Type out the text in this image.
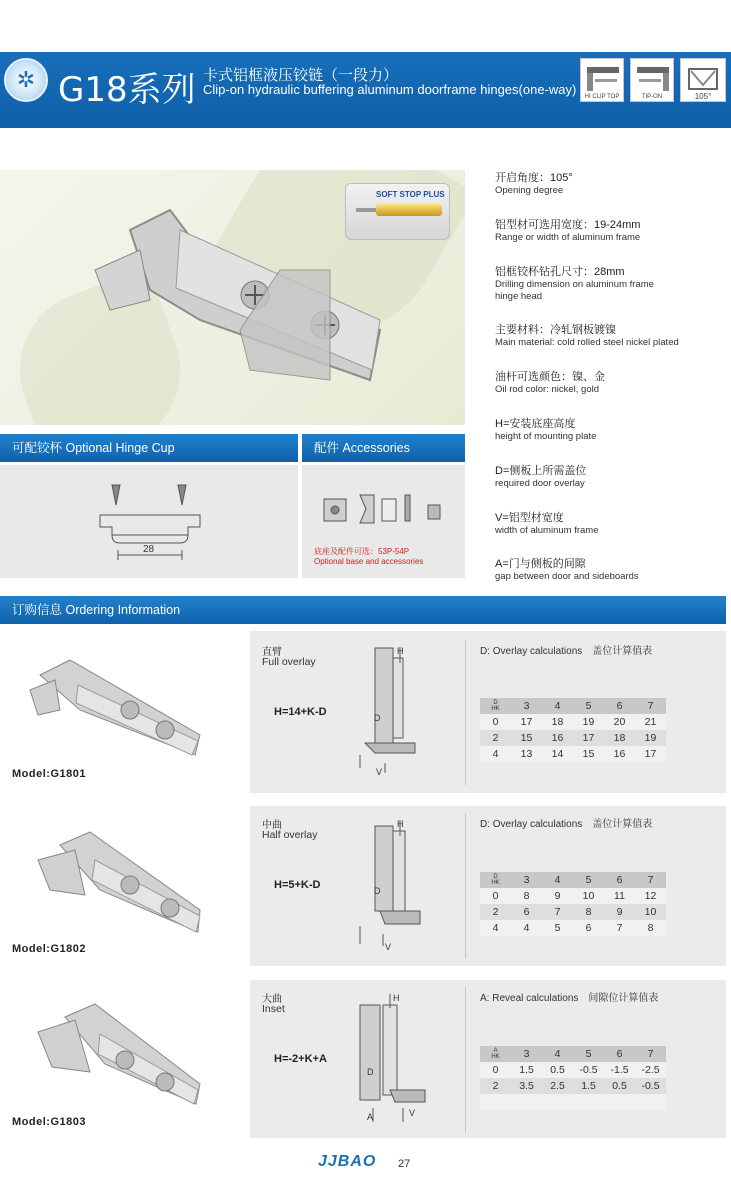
✲ G18系列 卡式铝框液压铰链（一段力）
Clip-on hydraulic buffering aluminum doorframe hinges(one-way)	HI CLIP TOP	TIP-ON	105°
SOFT STOP PLUS
开启角度：105°
Opening degree
铝型材可选用宽度：19-24mm
Range or width of aluminum frame
铝框铰杯钻孔尺寸：28mm
Drilling dimension on aluminum frame hinge head
主要材料：冷轧钢板镀镍
Main material: cold rolled steel nickel plated
油杆可选颜色：镍、金
Oil rod color: nickel, gold
H=安装底座高度
height of mounting plate
D=侧板上所需盖位
required door overlay
V=铝型材宽度
width of aluminum frame
A=门与侧板的间隙
gap between door and sideboards
可配铰杯 Optional Hinge Cup	配件 Accessories
28	底座及配件可选：53P-54P
Optional base and accessories
订购信息 Ordering Information
Model:G1801
直臂
Full overlay
H=14+K-D
H
D
V
D: Overlay calculations　盖位计算值表
D
HK	3	4	5	6	7
0	17	18	19	20	21
2	15	16	17	18	19
4	13	14	15	16	17
Model:G1802
中曲
Half overlay
H=5+K-D
H
D
V
D: Overlay calculations　盖位计算值表
D
HK	3	4	5	6	7
0	8	9	10	11	12
2	6	7	8	9	10
4	4	5	6	7	8
Model:G1803
大曲
Inset
H=-2+K+A
H
D
A	V
A: Reveal calculations　间隙位计算值表
A
HK	3	4	5	6	7
0	1.5	0.5	-0.5	-1.5	-2.5
2	3.5	2.5	1.5	0.5	-0.5

JJBAO 27
